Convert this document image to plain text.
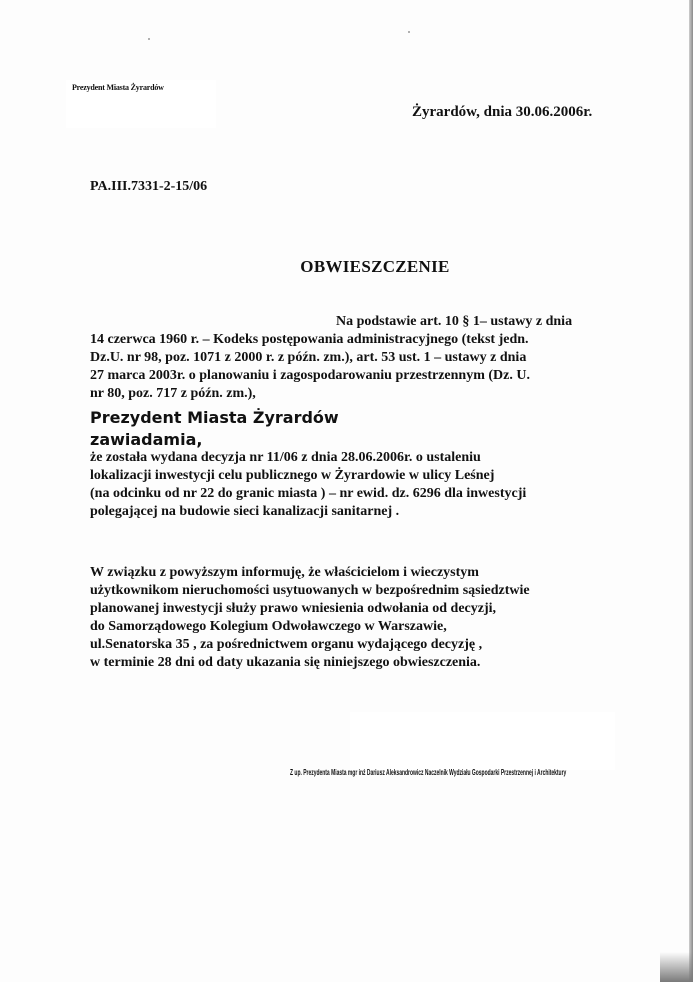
Prezydent Miasta Żyrardów
Żyrardów, dnia 30.06.2006r.
PA.III.7331-2-15/06
OBWIESZCZENIE
Na podstawie art. 10 § 1– ustawy z dnia
14 czerwca 1960 r. – Kodeks postępowania administracyjnego (tekst jedn.
Dz.U. nr 98, poz. 1071 z 2000 r. z późn. zm.), art. 53 ust. 1 – ustawy z dnia
27 marca 2003r. o planowaniu i zagospodarowaniu przestrzennym (Dz. U.
nr 80, poz. 717 z późn. zm.),
Prezydent Miasta Żyrardów
zawiadamia,
że została wydana decyzja nr 11/06 z dnia 28.06.2006r. o ustaleniu
lokalizacji inwestycji celu publicznego w Żyrardowie w ulicy Leśnej
(na odcinku od nr 22 do granic miasta ) – nr ewid. dz. 6296 dla inwestycji
polegającej na budowie sieci kanalizacji sanitarnej .
W związku z powyższym informuję, że właścicielom i wieczystym
użytkownikom nieruchomości usytuowanych w bezpośrednim sąsiedztwie
planowanej inwestycji służy prawo wniesienia odwołania od decyzji,
do Samorządowego Kolegium Odwoławczego w Warszawie,
ul.Senatorska 35 , za pośrednictwem organu wydającego decyzję ,
w terminie 28 dni od daty ukazania się niniejszego obwieszczenia.
Z up. Prezydenta Miasta mgr inż Dariusz Aleksandrowicz Naczelnik Wydziału Gospodarki Przestrzennej i Architektury
